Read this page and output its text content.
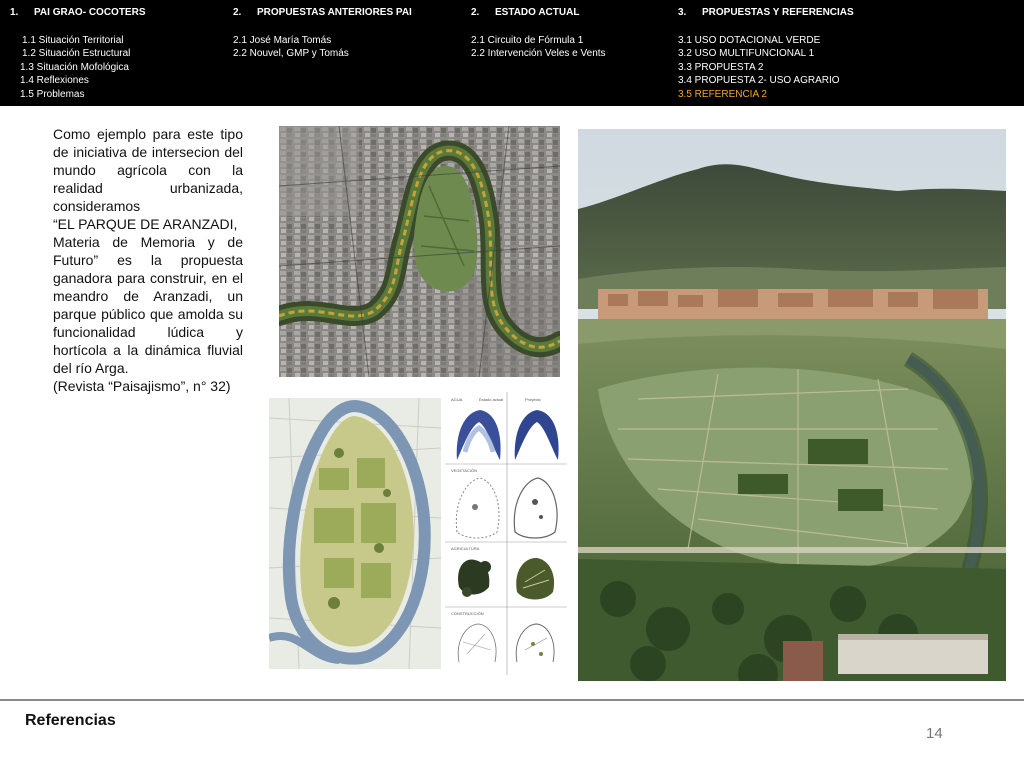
1. PAI GRAO- COCOTERS
1.1 Situación Territorial
1.2 Situación Estructural
1.3 Situación Mofológica
1.4 Reflexiones
1.5 Problemas
2. PROPUESTAS ANTERIORES PAI
2.1 José María Tomás
2.2 Nouvel, GMP y Tomás
2. ESTADO ACTUAL
2.1 Circuito de Fórmula 1
2.2 Intervención Veles e Vents
3. PROPUESTAS Y REFERENCIAS
3.1 USO DOTACIONAL VERDE
3.2 USO MULTIFUNCIONAL 1
3.3 PROPUESTA 2
3.4 PROPUESTA 2- USO AGRARIO
3.5 REFERENCIA 2

Como ejemplo para este tipo de iniciativa de intersecion del mundo agrícola con la realidad urbanizada, consideramos

“EL PARQUE DE ARANZADI,

Materia de Memoria y de Futuro” es la propuesta ganadora para construir, en el meandro de Aranzadi, un parque público que amolda su funcionalidad lúdica y hortícola a la dinámica fluvial del río Arga.

(Revista “Paisajismo”, n° 32)

AGUA	Estado actual	Proyecto
VEGETACIÓN
AGRICULTURA
CONSTRUCCIÓN
Referencias
14
